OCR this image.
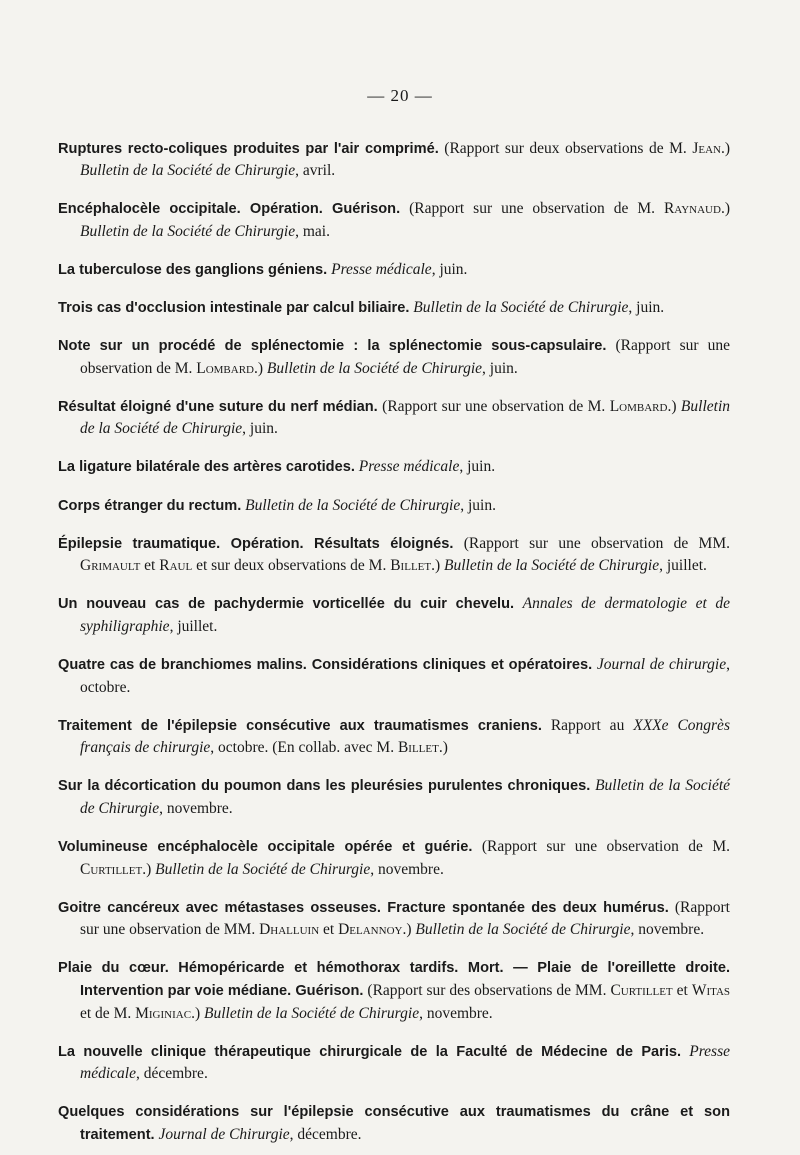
— 20 —

Ruptures recto-coliques produites par l'air comprimé. (Rapport sur deux observations de M. Jean.) Bulletin de la Société de Chirurgie, avril.

Encéphalocèle occipitale. Opération. Guérison. (Rapport sur une observation de M. Raynaud.) Bulletin de la Société de Chirurgie, mai.

La tuberculose des ganglions géniens. Presse médicale, juin.

Trois cas d'occlusion intestinale par calcul biliaire. Bulletin de la Société de Chirurgie, juin.

Note sur un procédé de splénectomie : la splénectomie sous-capsulaire. (Rapport sur une observation de M. Lombard.) Bulletin de la Société de Chirurgie, juin.

Résultat éloigné d'une suture du nerf médian. (Rapport sur une observation de M. Lombard.) Bulletin de la Société de Chirurgie, juin.

La ligature bilatérale des artères carotides. Presse médicale, juin.

Corps étranger du rectum. Bulletin de la Société de Chirurgie, juin.

Épilepsie traumatique. Opération. Résultats éloignés. (Rapport sur une observation de MM. Grimault et Raul et sur deux observations de M. Billet.) Bulletin de la Société de Chirurgie, juillet.

Un nouveau cas de pachydermie vorticellée du cuir chevelu. Annales de dermatologie et de syphiligraphie, juillet.

Quatre cas de branchiomes malins. Considérations cliniques et opératoires. Journal de chirurgie, octobre.

Traitement de l'épilepsie consécutive aux traumatismes craniens. Rapport au XXXe Congrès français de chirurgie, octobre. (En collab. avec M. Billet.)

Sur la décortication du poumon dans les pleurésies purulentes chroniques. Bulletin de la Société de Chirurgie, novembre.

Volumineuse encéphalocèle occipitale opérée et guérie. (Rapport sur une observation de M. Curtillet.) Bulletin de la Société de Chirurgie, novembre.

Goitre cancéreux avec métastases osseuses. Fracture spontanée des deux humérus. (Rapport sur une observation de MM. Dhalluin et Delannoy.) Bulletin de la Société de Chirurgie, novembre.

Plaie du cœur. Hémopéricarde et hémothorax tardifs. Mort. — Plaie de l'oreillette droite. Intervention par voie médiane. Guérison. (Rapport sur des observations de MM. Curtillet et Witas et de M. Miginiac.) Bulletin de la Société de Chirurgie, novembre.

La nouvelle clinique thérapeutique chirurgicale de la Faculté de Médecine de Paris. Presse médicale, décembre.

Quelques considérations sur l'épilepsie consécutive aux traumatismes du crâne et son traitement. Journal de Chirurgie, décembre.
